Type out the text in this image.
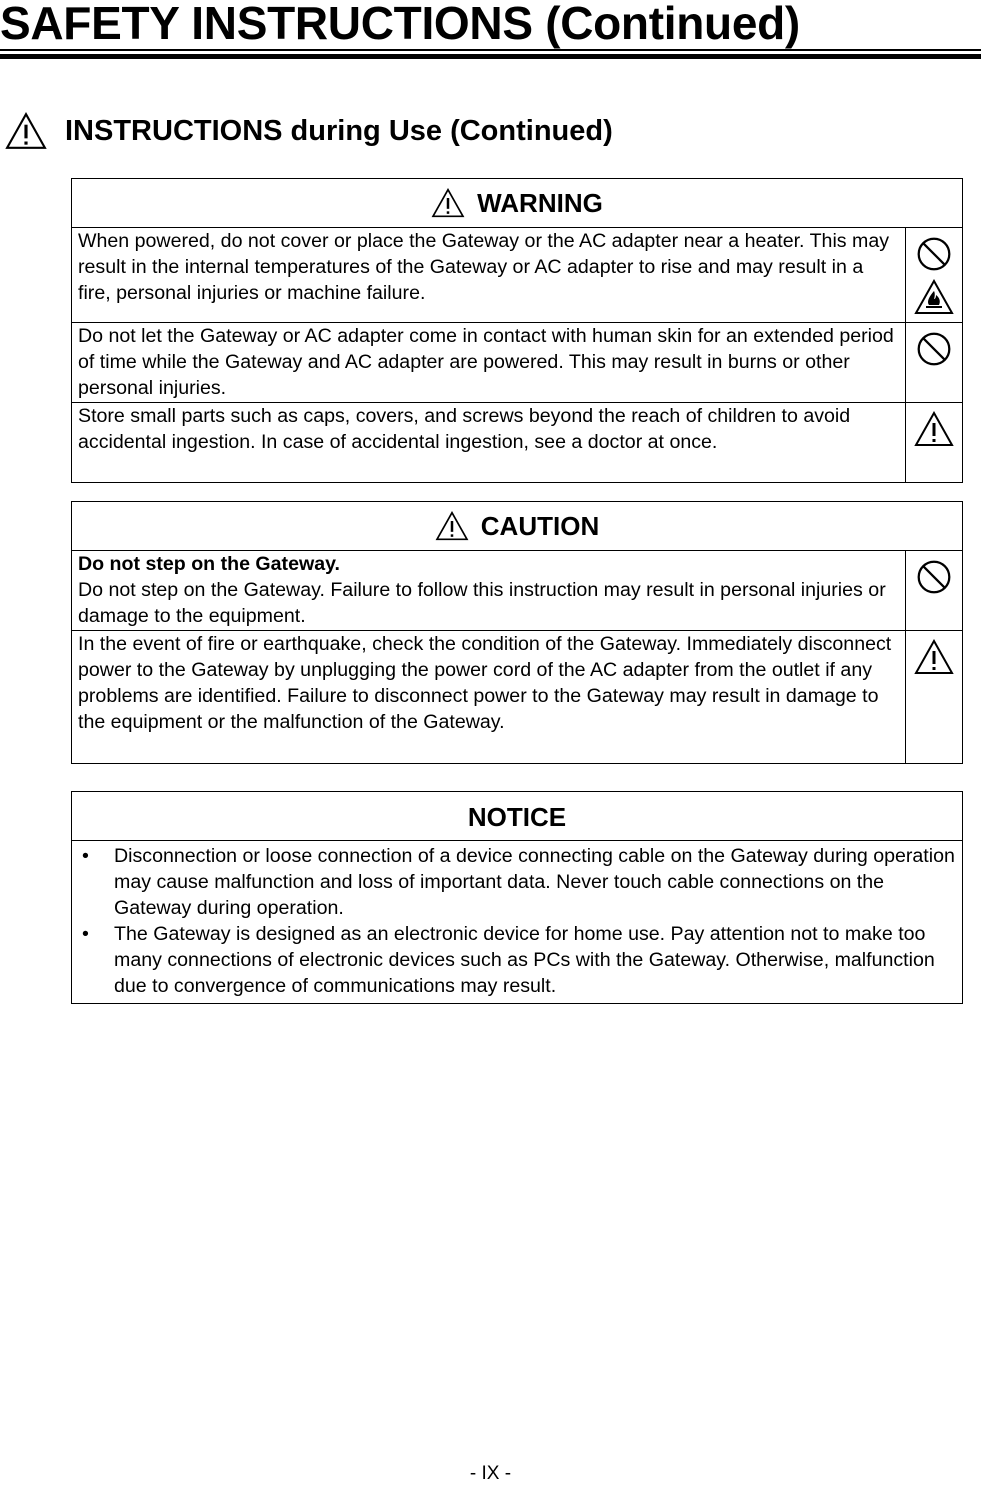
SAFETY INSTRUCTIONS (Continued)
INSTRUCTIONS during Use (Continued)
WARNING	

When powered, do not cover or place the Gateway or the AC adapter near a heater. This may result in the internal temperatures of the Gateway or AC adapter to rise and may result in a fire, personal injuries or machine failure.	
Do not let the Gateway or AC adapter come in contact with human skin for an extended period of time while the Gateway and AC adapter are powered. This may result in burns or other personal injuries.	
Store small parts such as caps, covers, and screws beyond the reach of children to avoid accidental ingestion. In case of accidental ingestion, see a doctor at once.	
CAUTION	

Do not step on the Gateway.
Do not step on the Gateway. Failure to follow this instruction may result in personal injuries or damage to the equipment.	
In the event of fire or earthquake, check the condition of the Gateway. Immediately disconnect power to the Gateway by unplugging the power cord of the AC adapter from the outlet if any problems are identified. Failure to disconnect power to the Gateway may result in damage to the equipment or the malfunction of the Gateway.	
NOTICE

• Disconnection or loose connection of a device connecting cable on the Gateway during operation may cause malfunction and loss of important data. Never touch cable connections on the Gateway during operation.
• The Gateway is designed as an electronic device for home use. Pay attention not to make too many connections of electronic devices such as PCs with the Gateway. Otherwise, malfunction due to convergence of communications may result.
- IX -
